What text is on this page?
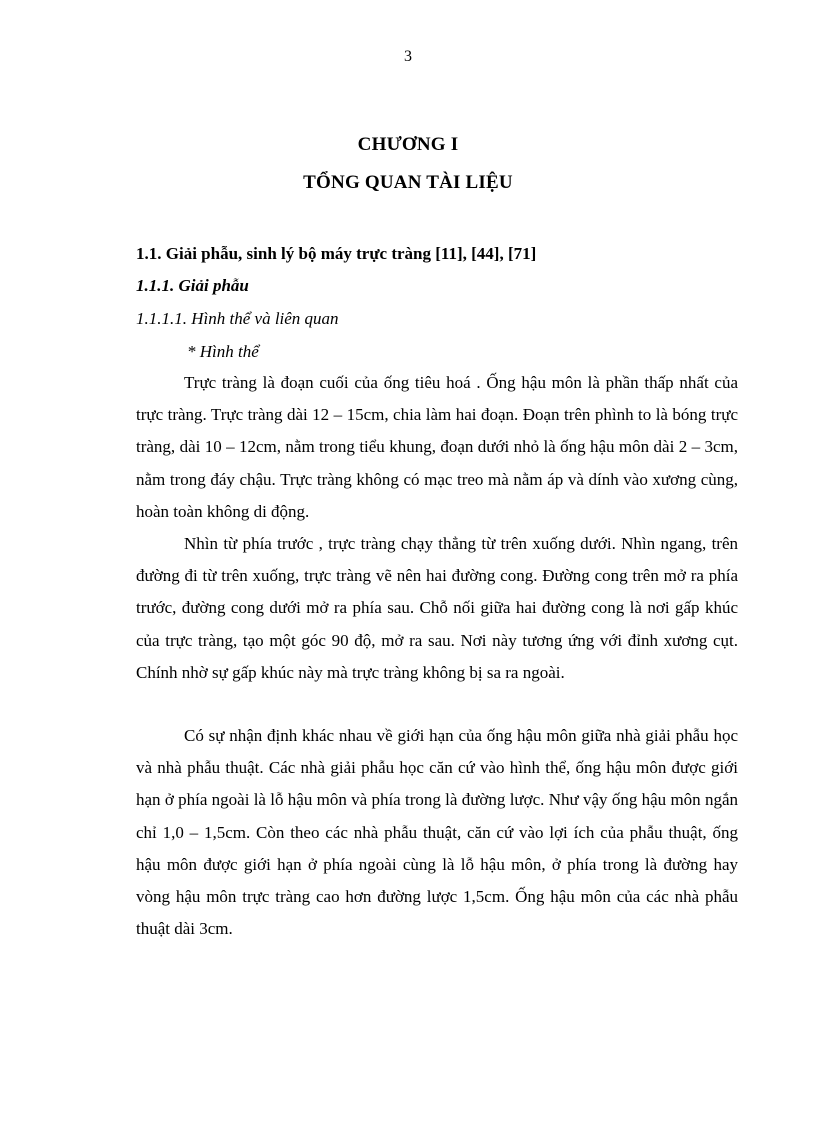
3
CHƯƠNG I
TỔNG QUAN TÀI LIỆU
1.1. Giải phẫu, sinh lý bộ máy trực tràng [11], [44], [71]
1.1.1. Giải phẫu
1.1.1.1. Hình thể và liên quan
* Hình thể

Trực tràng là đoạn cuối của ống tiêu hoá . Ống hậu môn là phần thấp nhất của trực tràng. Trực tràng dài 12 – 15cm, chia làm hai đoạn. Đoạn trên phình to là bóng trực tràng, dài 10 – 12cm, nằm trong tiểu khung, đoạn dưới nhỏ là ống hậu môn dài 2 – 3cm, nằm trong đáy chậu. Trực tràng không có mạc treo mà nằm áp và dính vào xương cùng, hoàn toàn không di động.

Nhìn từ phía trước , trực tràng chạy thẳng từ trên xuống dưới. Nhìn ngang, trên đường đi từ trên xuống, trực tràng vẽ nên hai đường cong. Đường cong trên mở ra phía trước, đường cong dưới mở ra phía sau. Chỗ nối giữa hai đường cong là nơi gấp khúc của trực tràng, tạo một góc 90 độ, mở ra sau. Nơi này tương ứng với đỉnh xương cụt. Chính nhờ sự gấp khúc này mà trực tràng không bị sa ra ngoài.

Có sự nhận định khác nhau về giới hạn của ống hậu môn giữa nhà giải phẫu học và nhà phẫu thuật. Các nhà giải phẫu học căn cứ vào hình thể, ống hậu môn được giới hạn ở phía ngoài là lỗ hậu môn và phía trong là đường lược. Như vậy ống hậu môn ngắn chỉ 1,0 – 1,5cm. Còn theo các nhà phẫu thuật, căn cứ vào lợi ích của phẫu thuật, ống hậu môn được giới hạn ở phía ngoài cùng là lỗ hậu môn, ở phía trong là đường hay vòng hậu môn trực tràng cao hơn đường lược 1,5cm. Ống hậu môn của các nhà phẫu thuật dài 3cm.
